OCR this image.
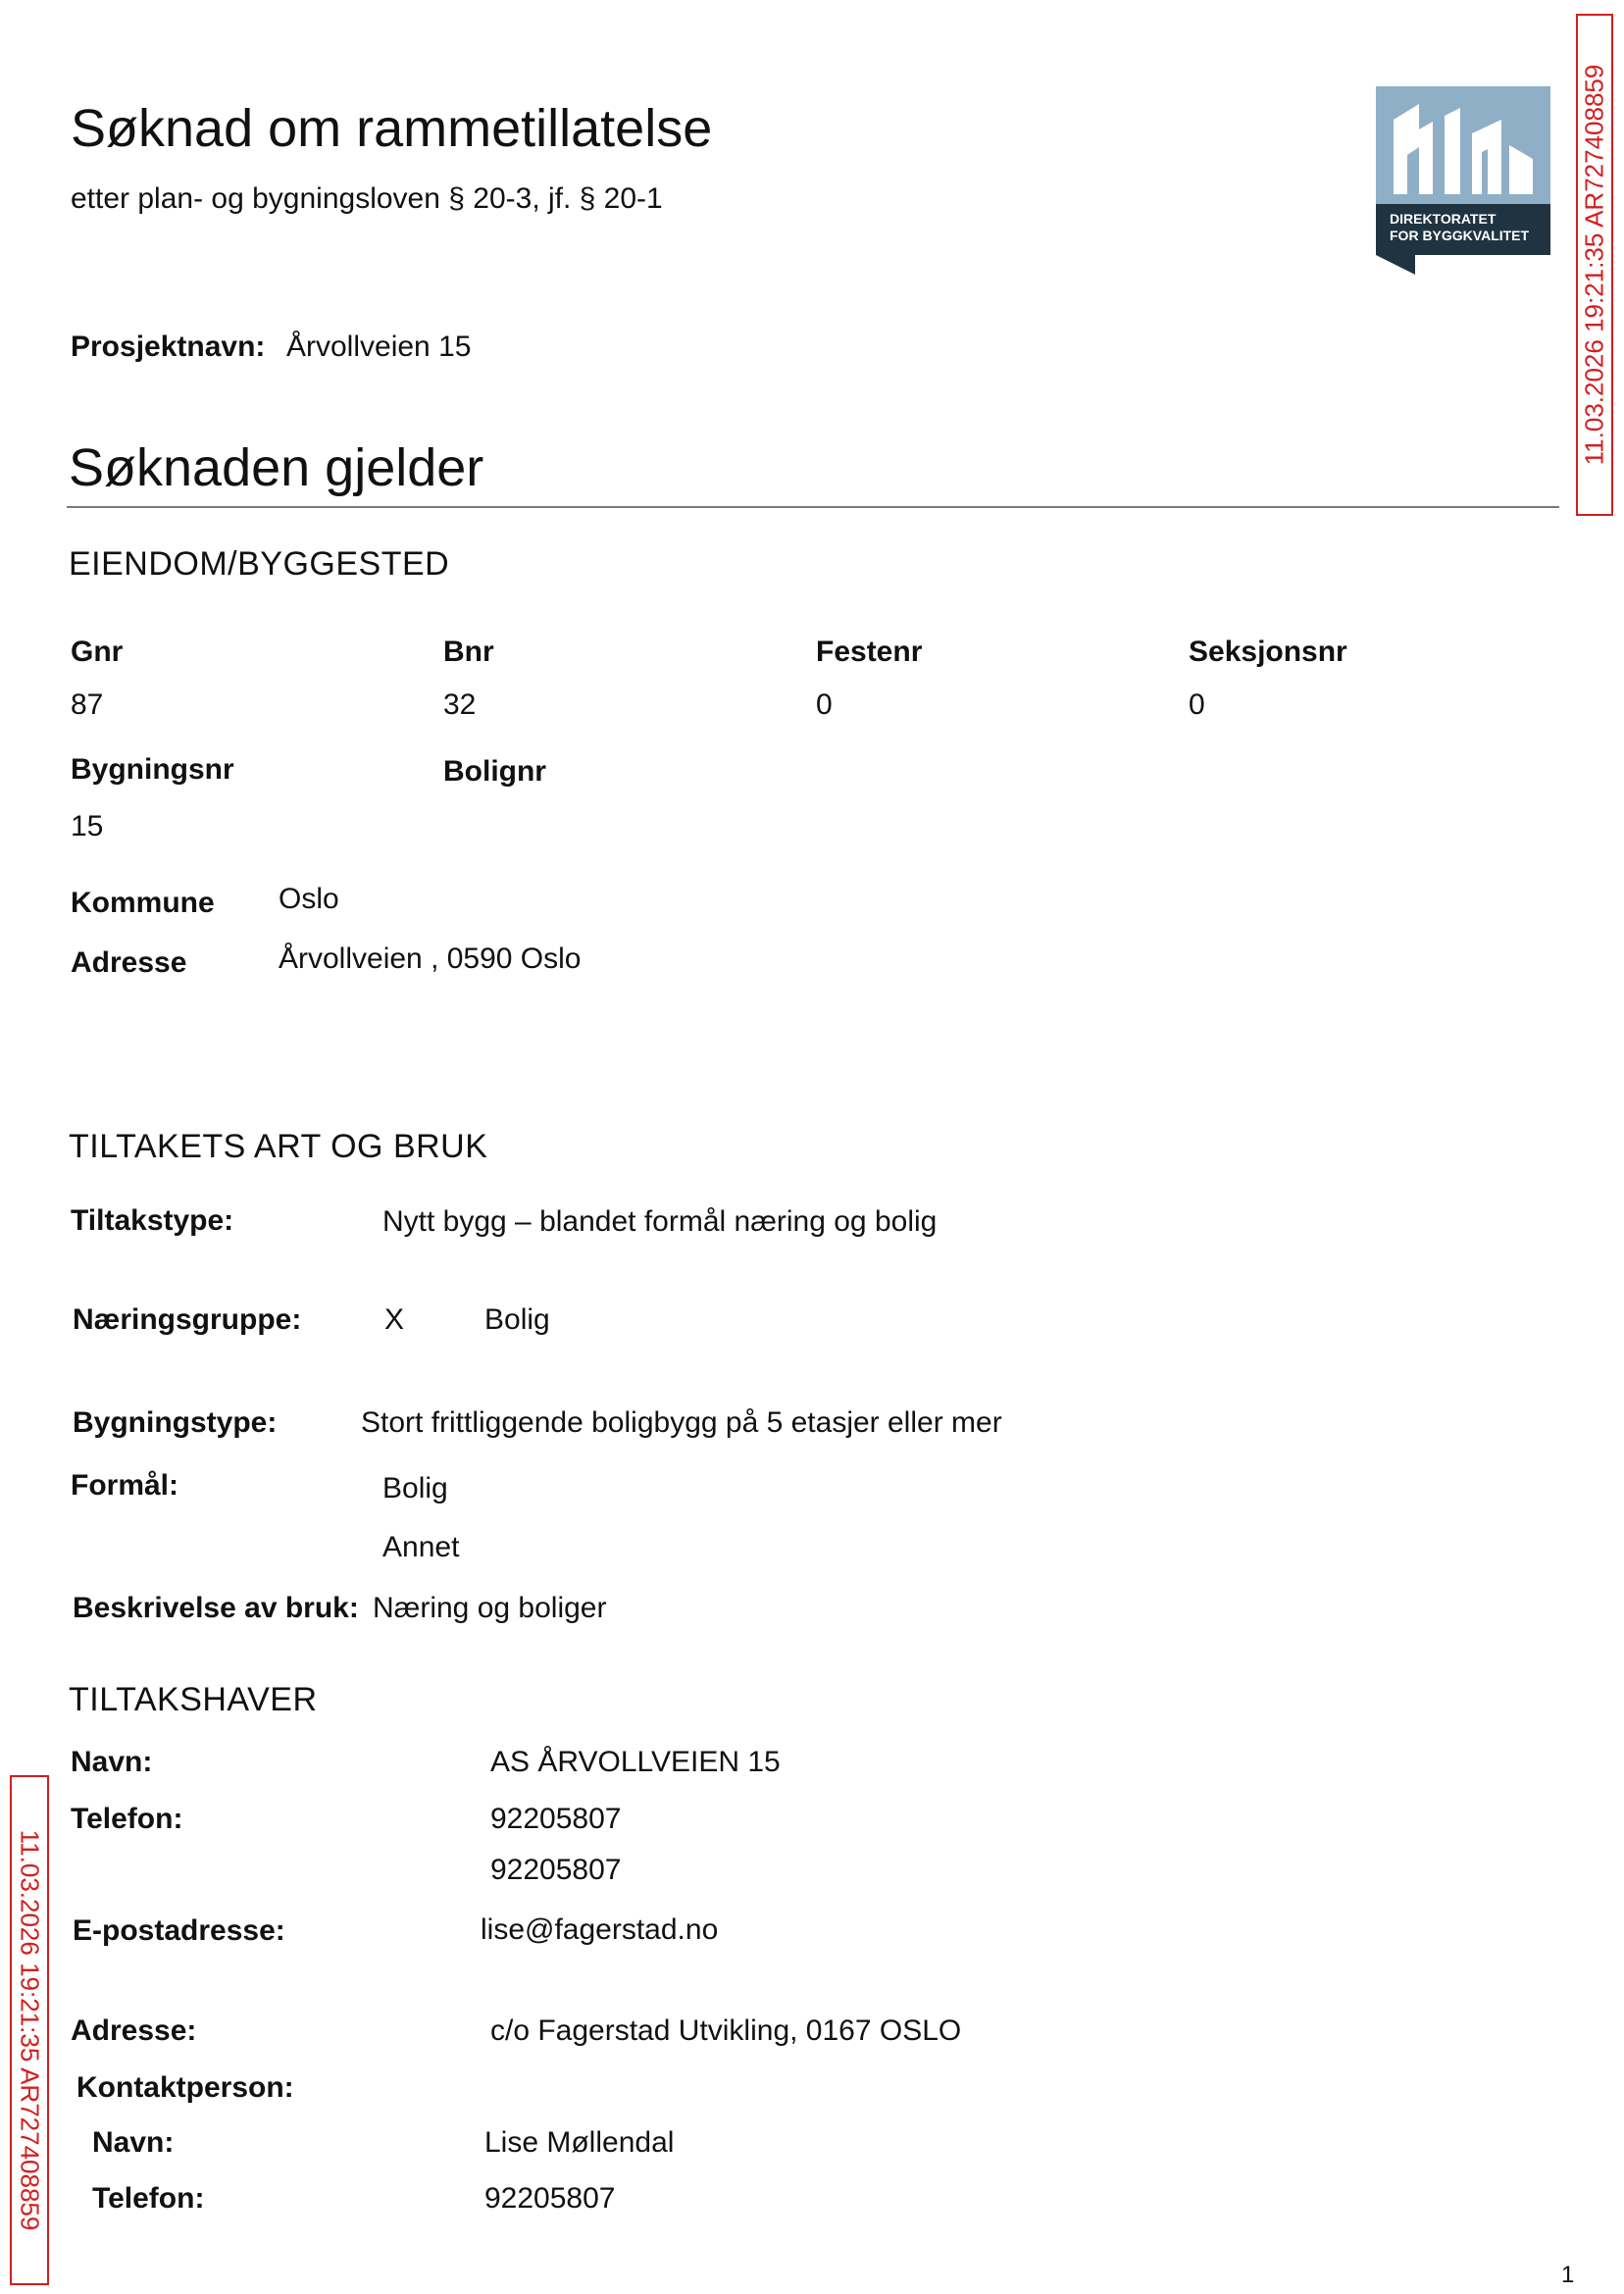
Søknad om rammetillatelse
etter plan- og bygningsloven § 20-3, jf. § 20-1
DIREKTORATET
FOR BYGGKVALITET 11.03.2026 19:21:35 AR727408859
11.03.2026 19:21:35 AR727408859
Prosjektnavn: Årvollveien 15
Søknaden gjelder
EIENDOM/BYGGESTED
Gnr	Bnr	Festenr	Seksjonsnr
87	32	0	0
Bygningsnr	Bolignr
15
Kommune Oslo
Adresse	Årvollveien , 0590 Oslo
TILTAKETS ART OG BRUK
Tiltakstype:	Nytt bygg – blandet formål næring og bolig
Næringsgruppe:	X	Bolig
Bygningstype:	Stort frittliggende boligbygg på 5 etasjer eller mer
Formål:	Bolig
Annet
Beskrivelse av bruk: Næring og boliger
TILTAKSHAVER
Navn:	AS ÅRVOLLVEIEN 15
Telefon:	92205807
92205807
E-postadresse:	lise@fagerstad.no
Adresse:	c/o Fagerstad Utvikling, 0167 OSLO
Kontaktperson:
Navn:	Lise Møllendal
Telefon:	92205807
1
